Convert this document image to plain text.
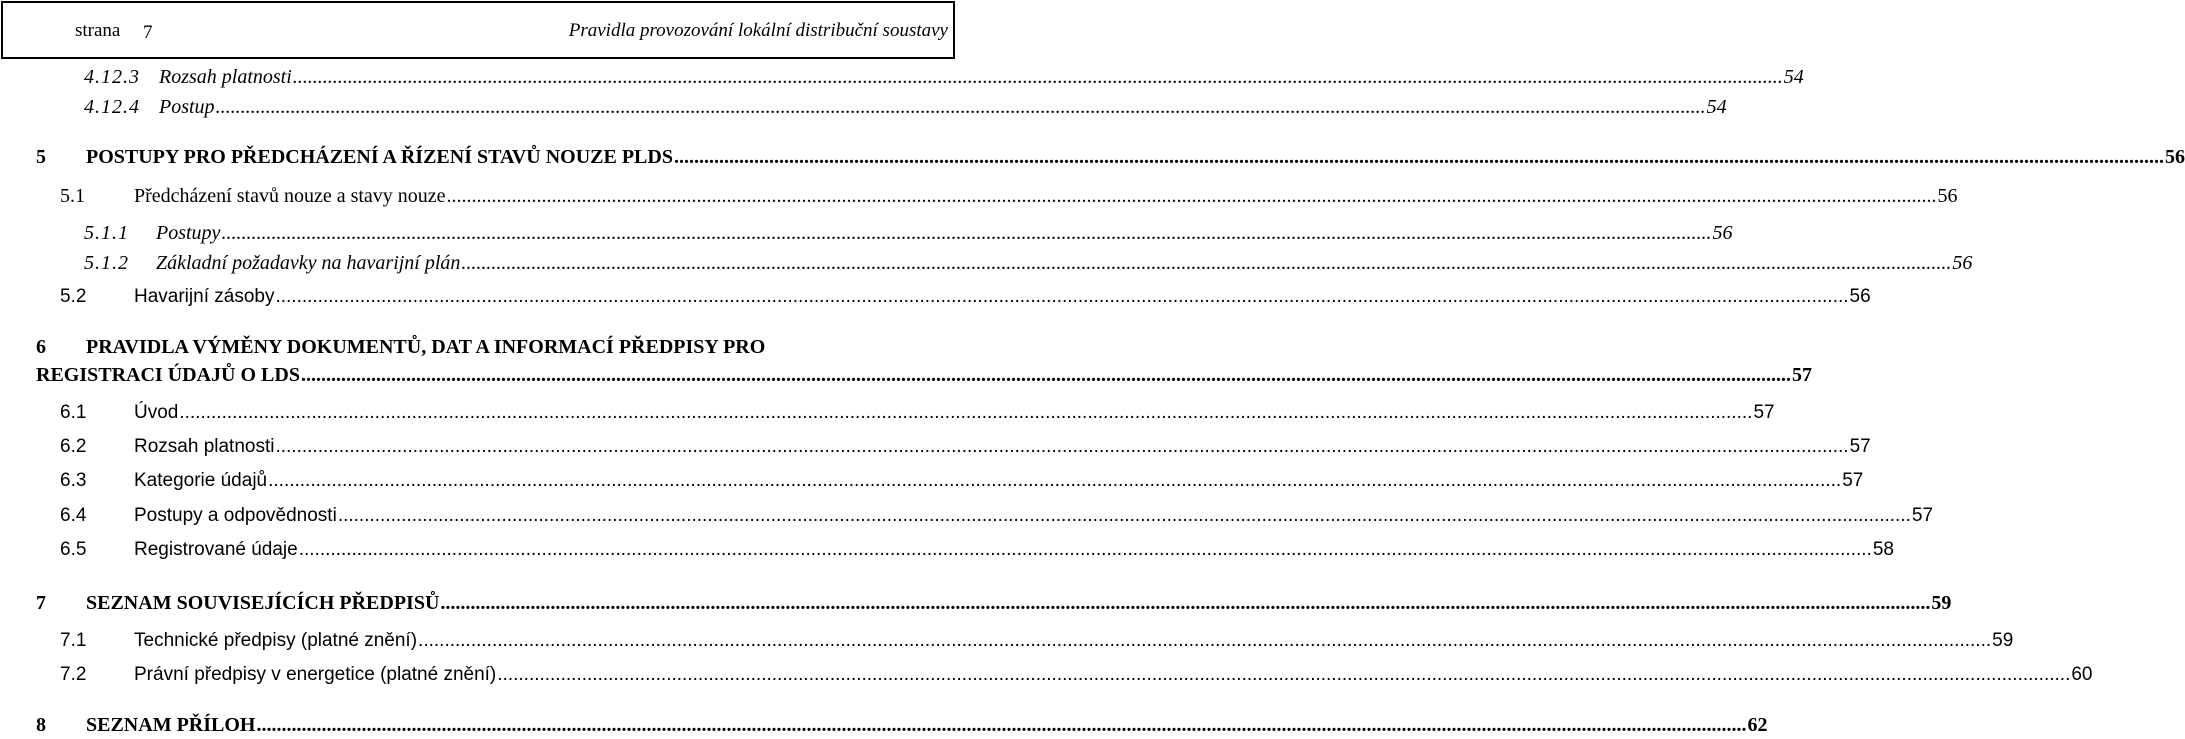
strana 7	Pravidla provozování lokální distribuční soustavy
4.12.3 Rozsah platnosti .....	54
4.12.4 Postup .....	54
5 POSTUPY PRO PŘEDCHÁZENÍ A ŘÍZENÍ STAVŮ NOUZE PLDS .....	56
5.1 Předcházení stavů nouze a stavy nouze .....	56
5.1.1 Postupy .....	56
5.1.2 Základní požadavky na havarijní plán .....	56
5.2	Havarijní zásoby .....	56
6 PRAVIDLA VÝMĚNY DOKUMENTŮ, DAT A INFORMACÍ PŘEDPISY PRO
REGISTRACI ÚDAJŮ O LDS .....	57
6.1	Úvod .....	57
6.2	Rozsah platnosti .....	57
6.3	Kategorie údajů .....	57
6.4	Postupy a odpovědnosti .....	57
6.5	Registrované údaje .....	58
7 SEZNAM SOUVISEJÍCÍCH PŘEDPISŮ .....	59
7.1	Technické předpisy (platné znění) .....	59
7.2	Právní předpisy v energetice (platné znění) .....	60
8 SEZNAM PŘÍLOH .....	62
